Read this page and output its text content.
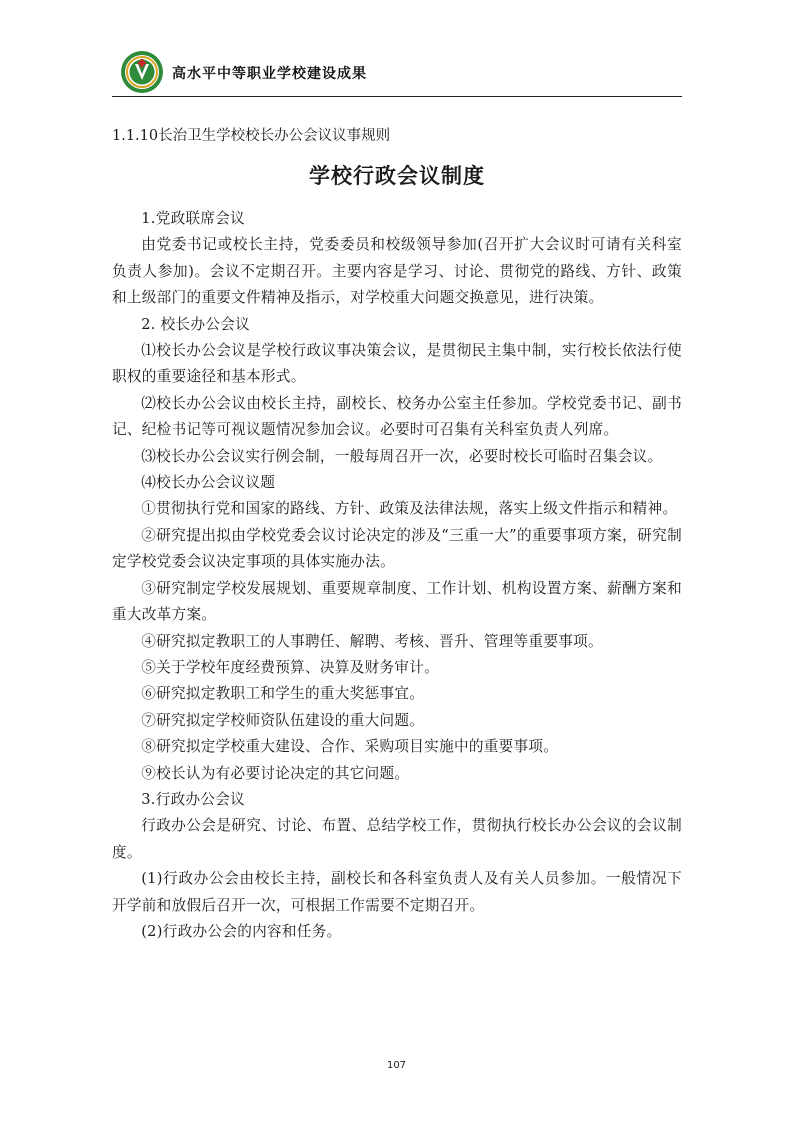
高水平中等职业学校建设成果
1.1.10长治卫生学校校长办公会议议事规则
学校行政会议制度

1.党政联席会议

由党委书记或校长主持，党委委员和校级领导参加(召开扩大会议时可请有关科室负责人参加)。会议不定期召开。主要内容是学习、讨论、贯彻党的路线、方针、政策和上级部门的重要文件精神及指示，对学校重大问题交换意见，进行决策。

2. 校长办公会议

⑴校长办公会议是学校行政议事决策会议，是贯彻民主集中制，实行校长依法行使职权的重要途径和基本形式。

⑵校长办公会议由校长主持，副校长、校务办公室主任参加。学校党委书记、副书记、纪检书记等可视议题情况参加会议。必要时可召集有关科室负责人列席。

⑶校长办公会议实行例会制，一般每周召开一次，必要时校长可临时召集会议。

⑷校长办公会议议题

①贯彻执行党和国家的路线、方针、政策及法律法规，落实上级文件指示和精神。

②研究提出拟由学校党委会议讨论决定的涉及“三重一大”的重要事项方案，研究制定学校党委会议决定事项的具体实施办法。

③研究制定学校发展规划、重要规章制度、工作计划、机构设置方案、薪酬方案和重大改革方案。

④研究拟定教职工的人事聘任、解聘、考核、晋升、管理等重要事项。

⑤关于学校年度经费预算、决算及财务审计。

⑥研究拟定教职工和学生的重大奖惩事宜。

⑦研究拟定学校师资队伍建设的重大问题。

⑧研究拟定学校重大建设、合作、采购项目实施中的重要事项。

⑨校长认为有必要讨论决定的其它问题。

3.行政办公会议

行政办公会是研究、讨论、布置、总结学校工作，贯彻执行校长办公会议的会议制度。

(1)行政办公会由校长主持，副校长和各科室负责人及有关人员参加。一般情况下开学前和放假后召开一次，可根据工作需要不定期召开。

(2)行政办公会的内容和任务。

107
